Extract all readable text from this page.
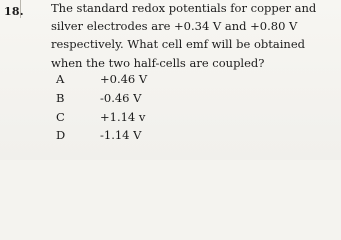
18. The standard redox potentials for copper and
silver electrodes are +0.34 V and +0.80 V
respectively. What cell emf will be obtained
when the two half-cells are coupled?
A	+0.46 V
B	-0.46 V
C	+1.14 v
D	-1.14 V
